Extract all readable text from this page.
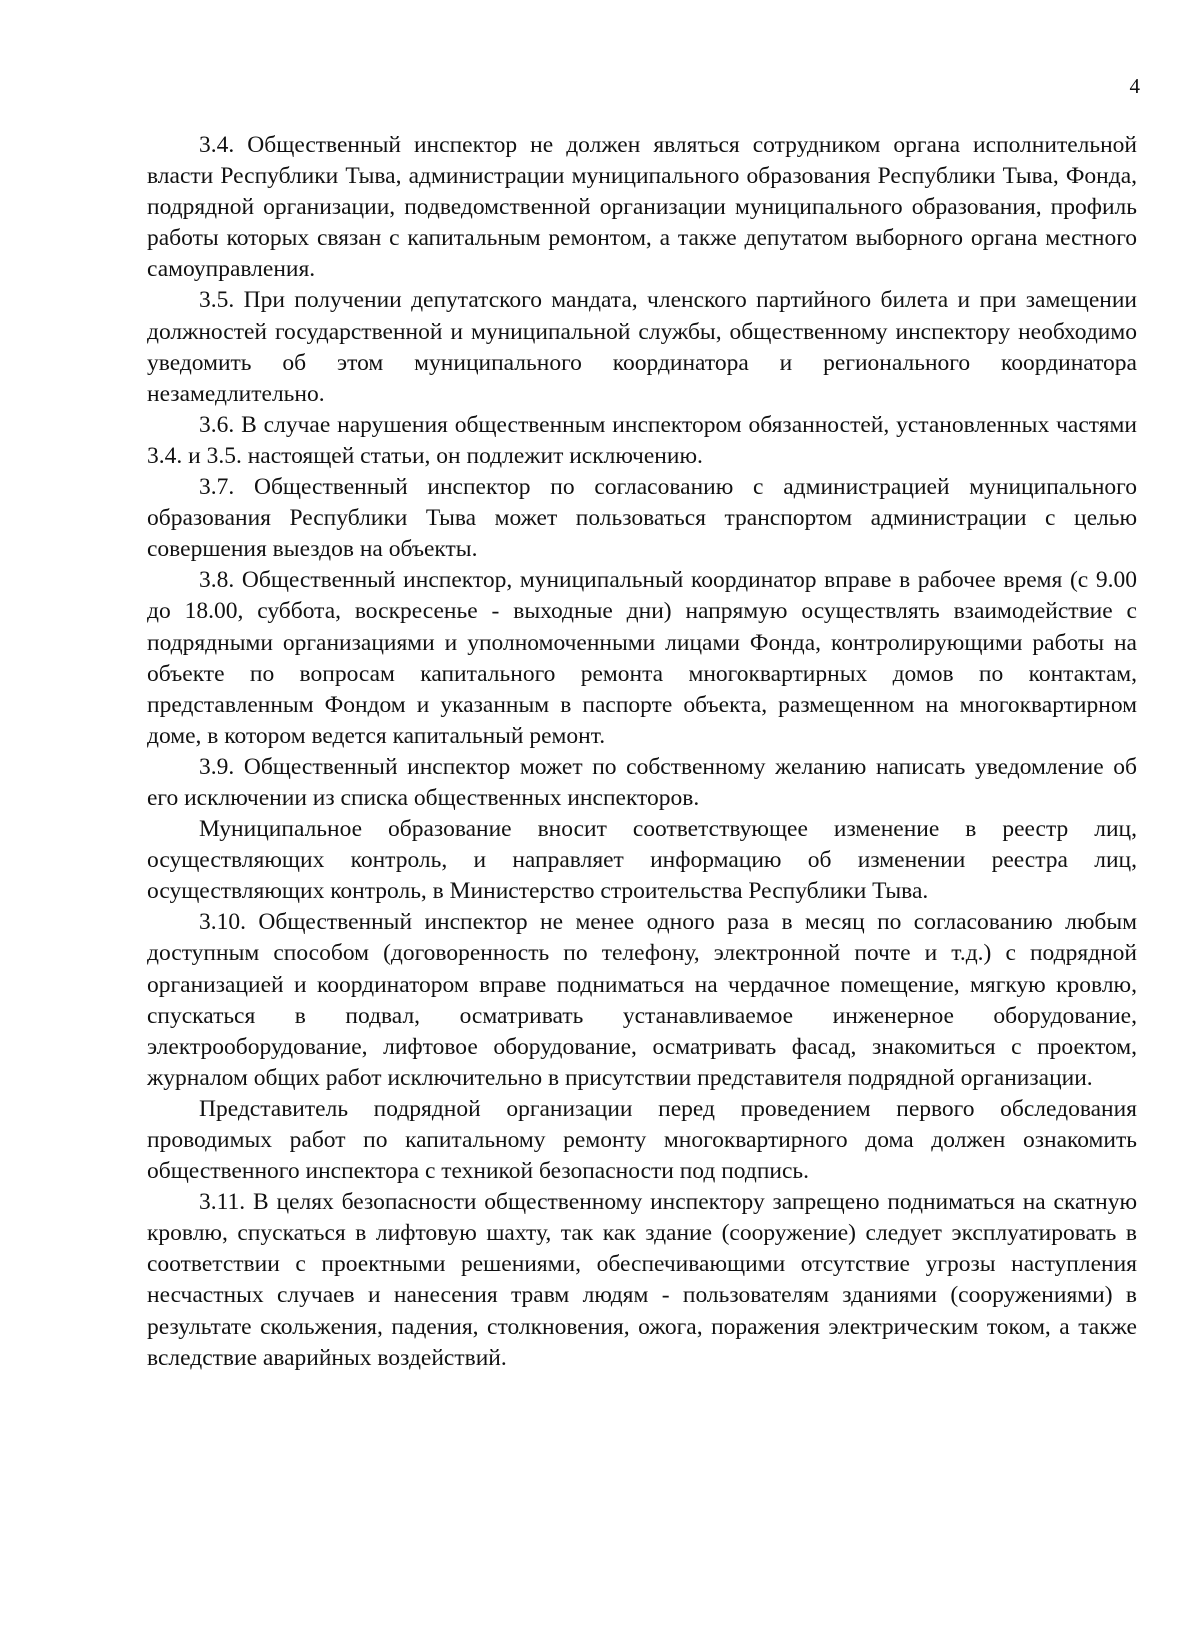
4

3.4. Общественный инспектор не должен являться сотрудником органа исполнительной власти Республики Тыва, администрации муниципального образования Республики Тыва, Фонда, подрядной организации, подведомственной организации муниципального образования, профиль работы которых связан с капитальным ремонтом, а также депутатом выборного органа местного самоуправления.

3.5. При получении депутатского мандата, членского партийного билета и при замещении должностей государственной и муниципальной службы, общественному инспектору необходимо уведомить об этом муниципального координатора и регионального координатора незамедлительно.

3.6. В случае нарушения общественным инспектором обязанностей, установленных частями 3.4. и 3.5. настоящей статьи, он подлежит исключению.

3.7. Общественный инспектор по согласованию с администрацией муниципального образования Республики Тыва может пользоваться транспортом администрации с целью совершения выездов на объекты.

3.8. Общественный инспектор, муниципальный координатор вправе в рабочее время (с 9.00 до 18.00, суббота, воскресенье - выходные дни) напрямую осуществлять взаимодействие с подрядными организациями и уполномоченными лицами Фонда, контролирующими работы на объекте по вопросам капитального ремонта многоквартирных домов по контактам, представленным Фондом и указанным в паспорте объекта, размещенном на многоквартирном доме, в котором ведется капитальный ремонт.

3.9. Общественный инспектор может по собственному желанию написать уведомление об его исключении из списка общественных инспекторов.

Муниципальное образование вносит соответствующее изменение в реестр лиц, осуществляющих контроль, и направляет информацию об изменении реестра лиц, осуществляющих контроль, в Министерство строительства Республики Тыва.

3.10. Общественный инспектор не менее одного раза в месяц по согласованию любым доступным способом (договоренность по телефону, электронной почте и т.д.) с подрядной организацией и координатором вправе подниматься на чердачное помещение, мягкую кровлю, спускаться в подвал, осматривать устанавливаемое инженерное оборудование, электрооборудование, лифтовое оборудование, осматривать фасад, знакомиться с проектом, журналом общих работ исключительно в присутствии представителя подрядной организации.

Представитель подрядной организации перед проведением первого обследования проводимых работ по капитальному ремонту многоквартирного дома должен ознакомить общественного инспектора с техникой безопасности под подпись.

3.11. В целях безопасности общественному инспектору запрещено подниматься на скатную кровлю, спускаться в лифтовую шахту, так как здание (сооружение) следует эксплуатировать в соответствии с проектными решениями, обеспечивающими отсутствие угрозы наступления несчастных случаев и нанесения травм людям - пользователям зданиями (сооружениями) в результате скольжения, падения, столкновения, ожога, поражения электрическим током, а также вследствие аварийных воздействий.
